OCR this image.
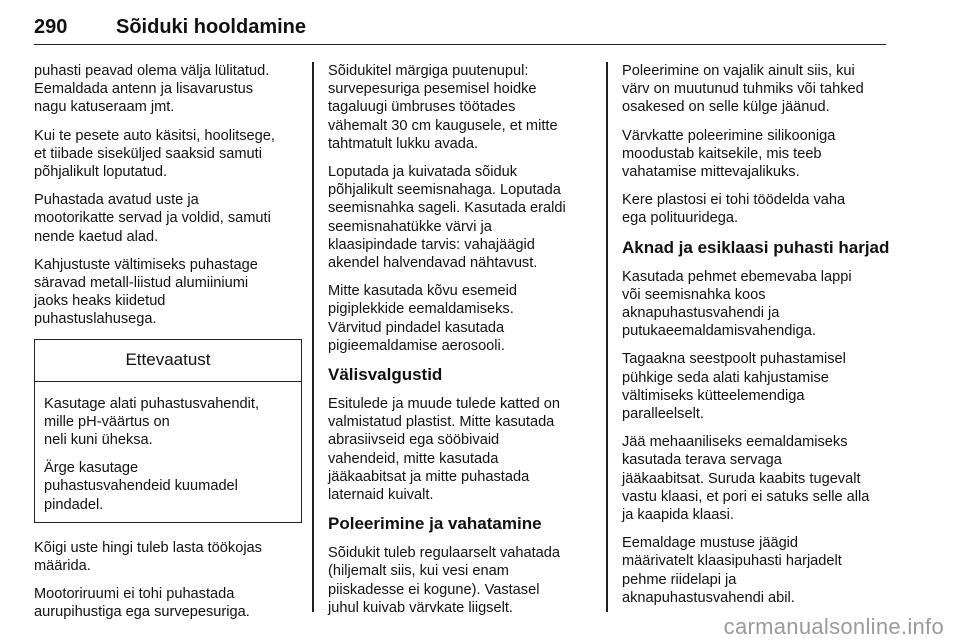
290 Sõiduki hooldamine

puhasti peavad olema välja lülitatud.
Eemaldada antenn ja lisavarustus
nagu katuseraam jmt.

Kui te pesete auto käsitsi, hoolitsege,
et tiibade siseküljed saaksid samuti
põhjalikult loputatud.

Puhastada avatud uste ja
mootorikatte servad ja voldid, samuti
nende kaetud alad.

Kahjustuste vältimiseks puhastage
säravad metall-liistud alumiiniumi
jaoks heaks kiidetud
puhastuslahusega.

Ettevaatust

Kasutage alati puhastusvahendit,
mille pH-väärtus on
neli kuni üheksa.

Ärge kasutage
puhastusvahendeid kuumadel
pindadel.

Kõigi uste hingi tuleb lasta töökojas
määrida.

Mootoriruumi ei tohi puhastada
aurupihustiga ega survepesuriga.

Sõidukitel märgiga puutenupul:
survepesuriga pesemisel hoidke
tagaluugi ümbruses töötades
vähemalt 30 cm kaugusele, et mitte
tahtmatult lukku avada.

Loputada ja kuivatada sõiduk
põhjalikult seemisnahaga. Loputada
seemisnahka sageli. Kasutada eraldi
seemisnahatükke värvi ja
klaasipindade tarvis: vahajäägid
akendel halvendavad nähtavust.

Mitte kasutada kõvu esemeid
pigiplekkide eemaldamiseks.
Värvitud pindadel kasutada
pigieemaldamise aerosooli.

Välisvalgustid

Esitulede ja muude tulede katted on
valmistatud plastist. Mitte kasutada
abrasiivseid ega sööbivaid
vahendeid, mitte kasutada
jääkaabitsat ja mitte puhastada
laternaid kuivalt.

Poleerimine ja vahatamine

Sõidukit tuleb regulaarselt vahatada
(hiljemalt siis, kui vesi enam
piiskadesse ei kogune). Vastasel
juhul kuivab värvkate liigselt.

Poleerimine on vajalik ainult siis, kui
värv on muutunud tuhmiks või tahked
osakesed on selle külge jäänud.

Värvkatte poleerimine silikooniga
moodustab kaitsekile, mis teeb
vahatamise mittevajalikuks.

Kere plastosi ei tohi töödelda vaha
ega polituuridega.

Aknad ja esiklaasi puhasti harjad

Kasutada pehmet ebemevaba lappi
või seemisnahka koos
aknapuhastusvahendi ja
putukaeemaldamisvahendiga.

Tagaakna seestpoolt puhastamisel
pühkige seda alati kahjustamise
vältimiseks kütteelemendiga
paralleelselt.

Jää mehaaniliseks eemaldamiseks
kasutada terava servaga
jääkaabitsat. Suruda kaabits tugevalt
vastu klaasi, et pori ei satuks selle alla
ja kaapida klaasi.

Eemaldage mustuse jäägid
määrivatelt klaasipuhasti harjadelt
pehme riidelapi ja
aknapuhastusvahendi abil.

carmanualsonline.info
